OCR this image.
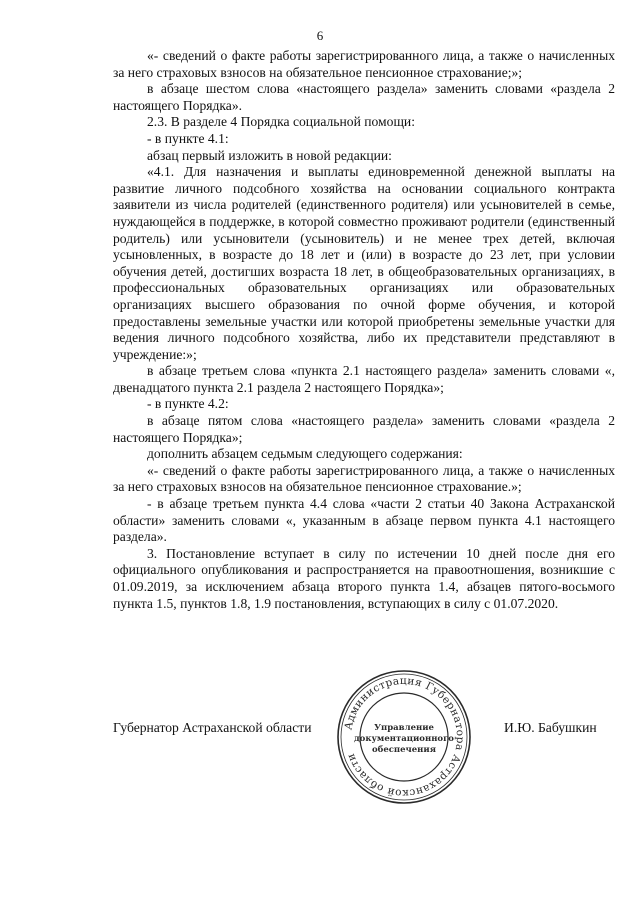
6

«- сведений о факте работы зарегистрированного лица, а также о начисленных за него страховых взносов на обязательное пенсионное страхование;»;

в абзаце шестом слова «настоящего раздела» заменить словами «раздела 2 настоящего Порядка».

2.3. В разделе 4 Порядка социальной помощи:

- в пункте 4.1:

абзац первый изложить в новой редакции:

«4.1. Для назначения и выплаты единовременной денежной выплаты на развитие личного подсобного хозяйства на основании социального контракта заявители из числа родителей (единственного родителя) или усыновителей в семье, нуждающейся в поддержке, в которой совместно проживают родители (единственный родитель) или усыновители (усыновитель) и не менее трех детей, включая усыновленных, в возрасте до 18 лет и (или) в возрасте до 23 лет, при условии обучения детей, достигших возраста 18 лет, в общеобразовательных организациях, в профессиональных образовательных организациях или образовательных организациях высшего образования по очной форме обучения, и которой предоставлены земельные участки или которой приобретены земельные участки для ведения личного подсобного хозяйства, либо их представители представляют в учреждение:»;

в абзаце третьем слова «пункта 2.1 настоящего раздела» заменить словами «, двенадцатого пункта 2.1 раздела 2 настоящего Порядка»;

- в пункте 4.2:

в абзаце пятом слова «настоящего раздела» заменить словами «раздела 2 настоящего Порядка»;

дополнить абзацем седьмым следующего содержания:

«- сведений о факте работы зарегистрированного лица, а также о начисленных за него страховых взносов на обязательное пенсионное страхование.»;

- в абзаце третьем пункта 4.4 слова «части 2 статьи 40 Закона Астраханской области» заменить словами «, указанным в абзаце первом пункта 4.1 настоящего раздела».

3. Постановление вступает в силу по истечении 10 дней после дня его официального опубликования и распространяется на правоотношения, возникшие с 01.09.2019, за исключением абзаца второго пункта 1.4, абзацев пятого-восьмого пункта 1.5, пунктов 1.8, 1.9 постановления, вступающих в силу с 01.07.2020.

Губернатор Астраханской области	И.Ю. Бабушкин
Администрация Губернатора Астраханской области
Управление
документационного
обеспечения
